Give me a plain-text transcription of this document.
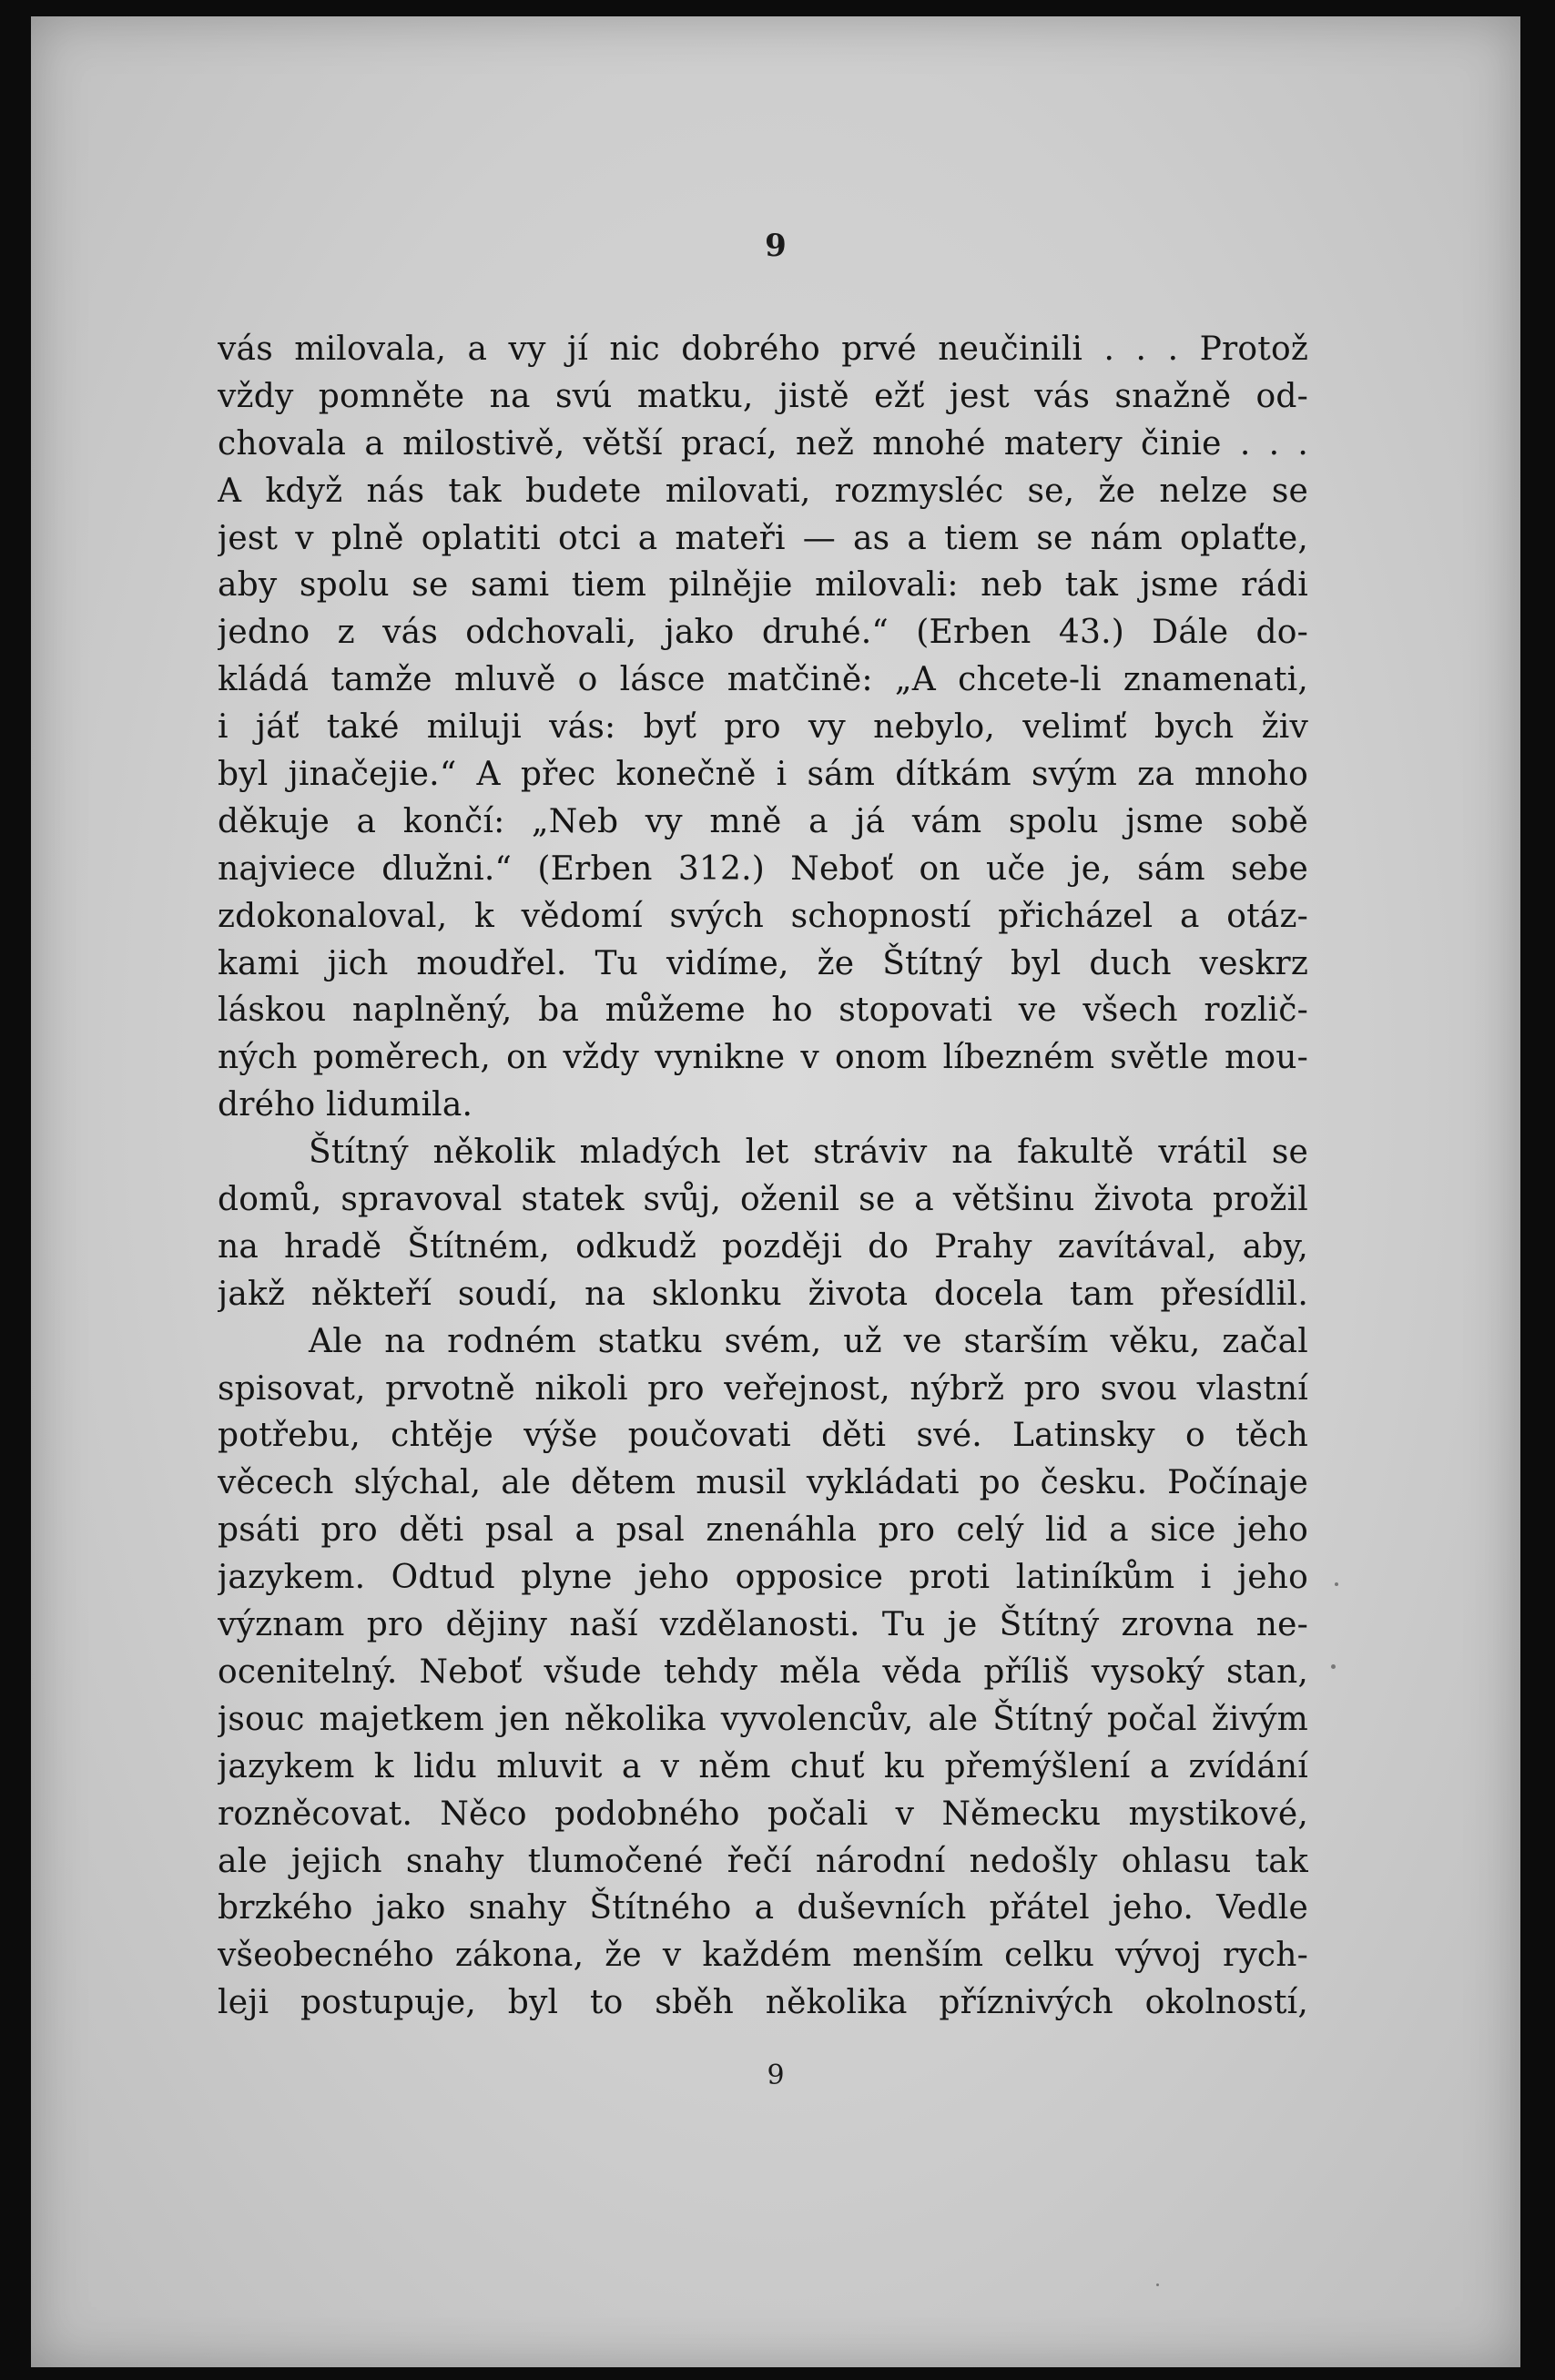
9
vás milovala, a vy jí nic dobrého prvé neučinili . . . Protož
vždy pomněte na svú matku, jistě ežť jest vás snažně od-
chovala a milostivě, větší prací, než mnohé matery činie . . .
A když nás tak budete milovati, rozmysléc se, že nelze se
jest v plně oplatiti otci a mateři — as a tiem se nám oplaťte,
aby spolu se sami tiem pilnějie milovali: neb tak jsme rádi
jedno z vás odchovali, jako druhé.“ (Erben 43.) Dále do-
kládá tamže mluvě o lásce matčině: „A chcete-li znamenati,
i jáť také miluji vás: byť pro vy nebylo, velimť bych živ
byl jinačejie.“ A přec konečně i sám dítkám svým za mnoho
děkuje a končí: „Neb vy mně a já vám spolu jsme sobě
najviece dlužni.“ (Erben 312.) Neboť on uče je, sám sebe
zdokonaloval, k vědomí svých schopností přicházel a otáz-
kami jich moudřel. Tu vidíme, že Štítný byl duch veskrz
láskou naplněný, ba můžeme ho stopovati ve všech rozlič-
ných poměrech, on vždy vynikne v onom líbezném světle mou-
drého lidumila.
Štítný několik mladých let stráviv na fakultě vrátil se
domů, spravoval statek svůj, oženil se a většinu života prožil
na hradě Štítném, odkudž později do Prahy zavítával, aby,
jakž někteří soudí, na sklonku života docela tam přesídlil.
Ale na rodném statku svém, už ve starším věku, začal
spisovat, prvotně nikoli pro veřejnost, nýbrž pro svou vlastní
potřebu, chtěje výše poučovati děti své. Latinsky o těch
věcech slýchal, ale dětem musil vykládati po česku. Počínaje
psáti pro děti psal a psal znenáhla pro celý lid a sice jeho
jazykem. Odtud plyne jeho opposice proti latiníkům i jeho
význam pro dějiny naší vzdělanosti. Tu je Štítný zrovna ne-
ocenitelný. Neboť všude tehdy měla věda příliš vysoký stan,
jsouc majetkem jen několika vyvolencův, ale Štítný počal živým
jazykem k lidu mluvit a v něm chuť ku přemýšlení a zvídání
rozněcovat. Něco podobného počali v Německu mystikové,
ale jejich snahy tlumočené řečí národní nedošly ohlasu tak
brzkého jako snahy Štítného a duševních přátel jeho. Vedle
všeobecného zákona, že v každém menším celku vývoj rych-
leji postupuje, byl to sběh několika příznivých okolností,
9
